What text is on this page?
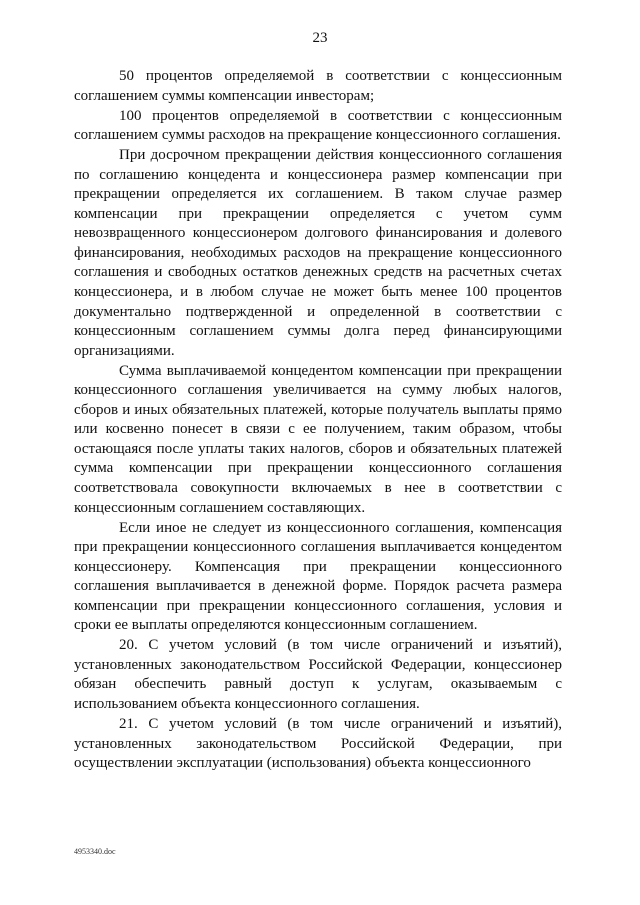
23

50 процентов определяемой в соответствии с концессионным соглашением суммы компенсации инвесторам;

100 процентов определяемой в соответствии с концессионным соглашением суммы расходов на прекращение концессионного соглашения.

При досрочном прекращении действия концессионного соглашения по соглашению концедента и концессионера размер компенсации при прекращении определяется их соглашением. В таком случае размер компенсации при прекращении определяется с учетом сумм невозвращенного концессионером долгового финансирования и долевого финансирования, необходимых расходов на прекращение концессионного соглашения и свободных остатков денежных средств на расчетных счетах концессионера, и в любом случае не может быть менее 100 процентов документально подтвержденной и определенной в соответствии с концессионным соглашением суммы долга перед финансирующими организациями.

Сумма выплачиваемой концедентом компенсации при прекращении концессионного соглашения увеличивается на сумму любых налогов, сборов и иных обязательных платежей, которые получатель выплаты прямо или косвенно понесет в связи с ее получением, таким образом, чтобы остающаяся после уплаты таких налогов, сборов и обязательных платежей сумма компенсации при прекращении концессионного соглашения соответствовала совокупности включаемых в нее в соответствии с концессионным соглашением составляющих.

Если иное не следует из концессионного соглашения, компенсация при прекращении концессионного соглашения выплачивается концедентом концессионеру. Компенсация при прекращении концессионного соглашения выплачивается в денежной форме. Порядок расчета размера компенсации при прекращении концессионного соглашения, условия и сроки ее выплаты определяются концессионным соглашением.

20. С учетом условий (в том числе ограничений и изъятий), установленных законодательством Российской Федерации, концессионер обязан обеспечить равный доступ к услугам, оказываемым с использованием объекта концессионного соглашения.

21. С учетом условий (в том числе ограничений и изъятий), установленных законодательством Российской Федерации, при осуществлении эксплуатации (использования) объекта концессионного

4953340.doc
